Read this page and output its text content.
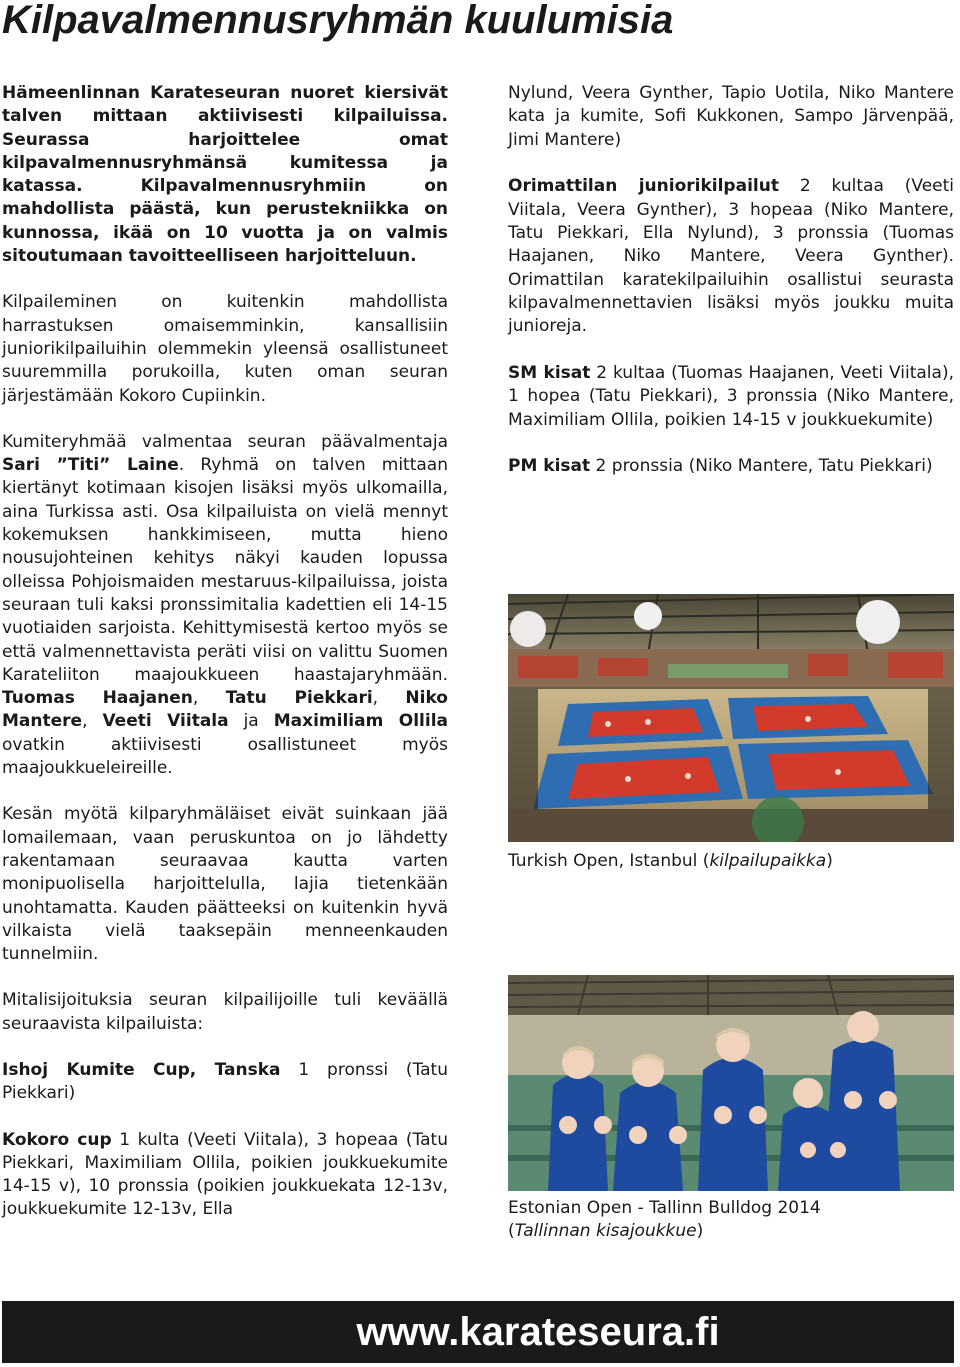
Kilpavalmennusryhmän kuulumisia

Hämeenlinnan Karateseuran nuoret kiersivät talven mittaan aktiivisesti kilpailuissa. Seurassa harjoittelee omat kilpavalmennusryhmänsä kumitessa ja katassa. Kilpavalmennusryhmiin on mahdollista päästä, kun perustekniikka on kunnossa, ikää on 10 vuotta ja on valmis sitoutumaan tavoitteelliseen harjoitteluun.

Kilpaileminen on kuitenkin mahdollista harrastuksen omaisemminkin, kansallisiin juniorikilpailuihin olemmekin yleensä osallistuneet suuremmilla porukoilla, kuten oman seuran järjestämään Kokoro Cupiinkin.

Kumiteryhmää valmentaa seuran päävalmentaja Sari ”Titi” Laine. Ryhmä on talven mittaan kiertänyt kotimaan kisojen lisäksi myös ulkomailla, aina Turkissa asti. Osa kilpailuista on vielä mennyt kokemuksen hankkimiseen, mutta hieno nousujohteinen kehitys näkyi kauden lopussa olleissa Pohjoismaiden mestaruus-kilpailuissa, joista seuraan tuli kaksi pronssimitalia kadettien eli 14-15 vuotiaiden sarjoista. Kehittymisestä kertoo myös se että valmennettavista peräti viisi on valittu Suomen Karateliiton maajoukkueen haastajaryhmään. Tuomas Haajanen, Tatu Piekkari, Niko Mantere, Veeti Viitala ja Maximiliam Ollila ovatkin aktiivisesti osallistuneet myös maajoukkueleireille.

Kesän myötä kilparyhmäläiset eivät suinkaan jää lomailemaan, vaan peruskuntoa on jo lähdetty rakentamaan seuraavaa kautta varten monipuolisella harjoittelulla, lajia tietenkään unohtamatta. Kauden päätteeksi on kuitenkin hyvä vilkaista vielä taaksepäin menneenkauden tunnelmiin.

Mitalisijoituksia seuran kilpailijoille tuli keväällä seuraavista kilpailuista:

Ishoj Kumite Cup, Tanska 1 pronssi (Tatu Piekkari)

Kokoro cup 1 kulta (Veeti Viitala), 3 hopeaa (Tatu Piekkari, Maximiliam Ollila, poikien joukkuekumite 14-15 v), 10 pronssia (poikien joukkuekata 12-13v, joukkuekumite 12-13v, Ella

Nylund, Veera Gynther, Tapio Uotila, Niko Mantere kata ja kumite, Sofi Kukkonen, Sampo Järvenpää, Jimi Mantere)

Orimattilan juniorikilpailut 2 kultaa (Veeti Viitala, Veera Gynther), 3 hopeaa (Niko Mantere, Tatu Piekkari, Ella Nylund), 3 pronssia (Tuomas Haajanen, Niko Mantere, Veera Gynther). Orimattilan karatekilpailuihin osallistui seurasta kilpavalmennettavien lisäksi myös joukku muita junioreja.

SM kisat 2 kultaa (Tuomas Haajanen, Veeti Viitala), 1 hopea (Tatu Piekkari), 3 pronssia (Niko Mantere, Maximiliam Ollila, poikien 14-15 v joukkuekumite)

PM kisat 2 pronssia (Niko Mantere, Tatu Piekkari)

Turkish Open, Istanbul (kilpailupaikka)
Estonian Open - Tallinn Bulldog 2014
(Tallinnan kisajoukkue)
www.karateseura.fi
